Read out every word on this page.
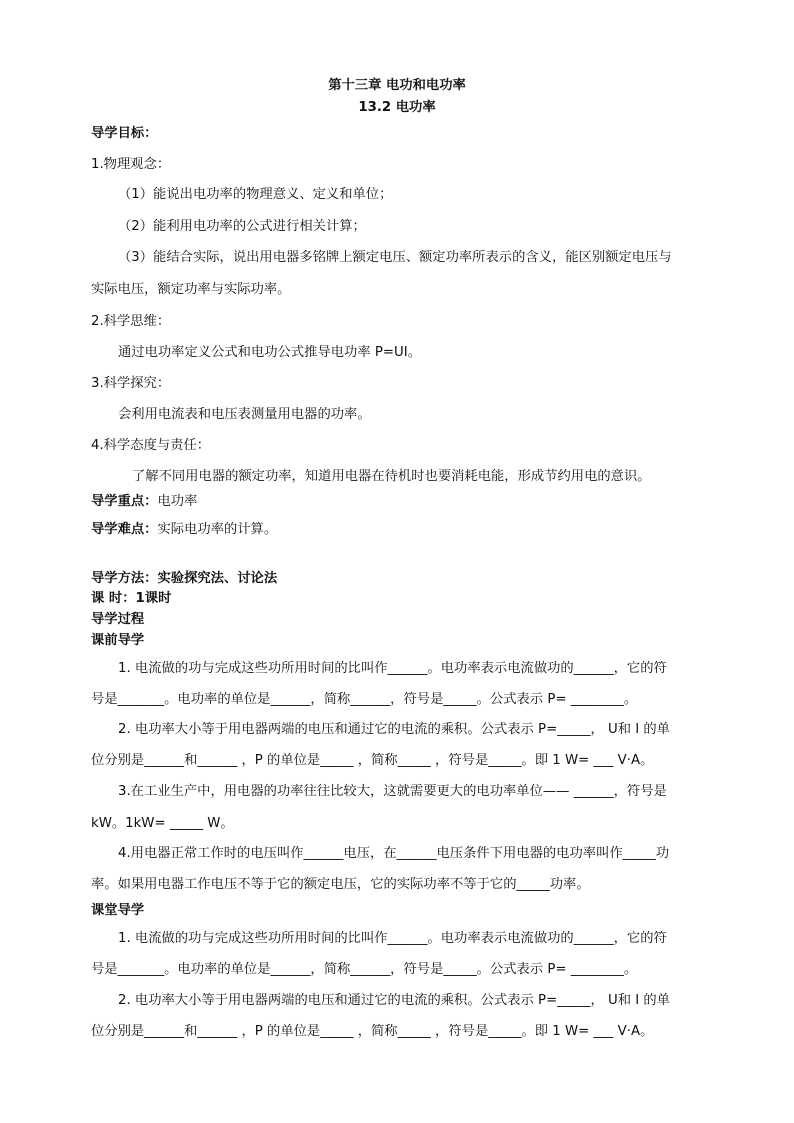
第十三章 电功和电功率
13.2 电功率
导学目标：
1.物理观念：
（1）能说出电功率的物理意义、定义和单位；
（2）能利用电功率的公式进行相关计算；
（3）能结合实际，说出用电器多铭牌上额定电压、额定功率所表示的含义，能区别额定电压与
实际电压，额定功率与实际功率。
2.科学思维：
通过电功率定义公式和电功公式推导电功率 P=UI。
3.科学探究：
会利用电流表和电压表测量用电器的功率。
4.科学态度与责任：
了解不同用电器的额定功率，知道用电器在待机时也要消耗电能，形成节约用电的意识。
导学重点：电功率
导学难点：实际电功率的计算。
导学方法：实验探究法、讨论法
课 时：1课时
导学过程
课前导学
1. 电流做的功与完成这些功所用时间的比叫作______。电功率表示电流做功的______，它的符
号是_______。电功率的单位是______，简称______，符号是_____。公式表示 P= ________。
2. 电功率大小等于用电器两端的电压和通过它的电流的乘积。公式表示 P=_____， U和 I 的单
位分别是______和______ ，P 的单位是_____ ，简称_____ ，符号是_____。即 1 W= ___ V·A。
3.在工业生产中，用电器的功率往往比较大，这就需要更大的电功率单位—— ______，符号是
kW。1kW= _____ W。
4.用电器正常工作时的电压叫作______电压，在______电压条件下用电器的电功率叫作_____功
率。如果用电器工作电压不等于它的额定电压，它的实际功率不等于它的_____功率。
课堂导学
1. 电流做的功与完成这些功所用时间的比叫作______。电功率表示电流做功的______，它的符
号是_______。电功率的单位是______，简称______，符号是_____。公式表示 P= ________。
2. 电功率大小等于用电器两端的电压和通过它的电流的乘积。公式表示 P=_____， U和 I 的单
位分别是______和______ ，P 的单位是_____ ，简称_____ ，符号是_____。即 1 W= ___ V·A。
